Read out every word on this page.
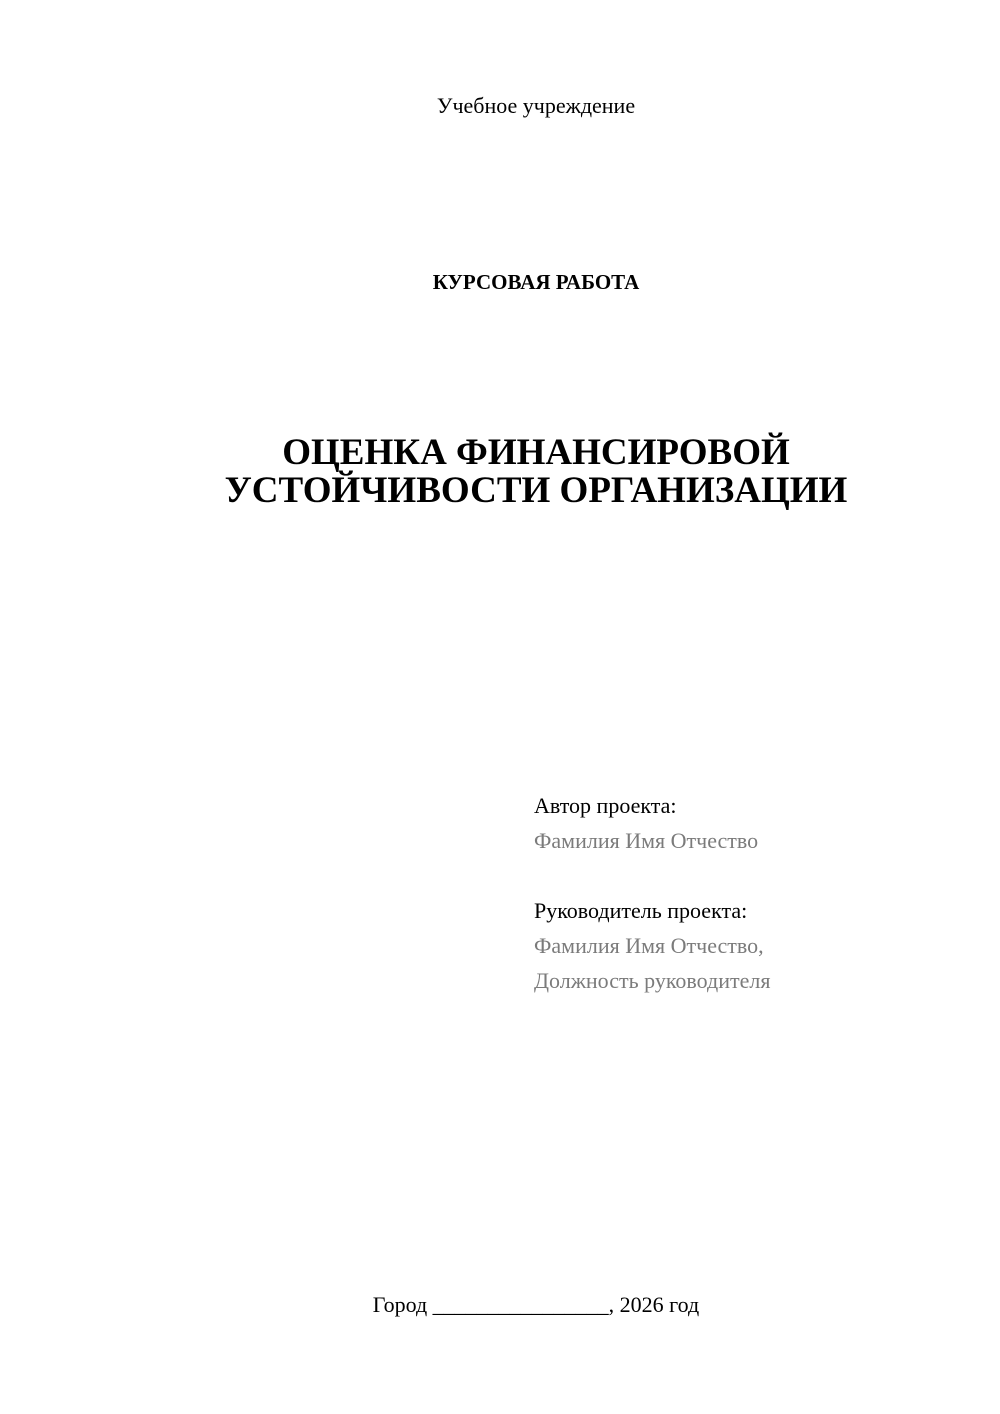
Учебное учреждение
КУРСОВАЯ РАБОТА
ОЦЕНКА ФИНАНСИРОВОЙ
УСТОЙЧИВОСТИ ОРГАНИЗАЦИИ
Автор проекта:
Фамилия Имя Отчество
Руководитель проекта:
Фамилия Имя Отчество,
Должность руководителя
Город ________________, 2026 год
